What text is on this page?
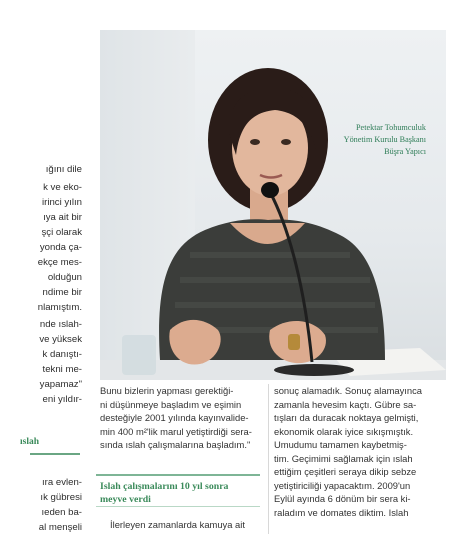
ığını dile
k ve eko-
irinci yılın
ıya ait bir
şçi olarak
yonda ça-
ekçe mes-
olduğun
ndime bir
nlamıştım.
nde ıslah-
ve yüksek
k danıştı-
tekni me-
yapamaz"
eni yıldır-
ıslah
ıra evlen-
ık gübresi
ıeden ba-
al menşeli
Petektar Tohumculuk
Yönetim Kurulu Başkanı
Büşra Yapıcı
Bunu bizlerin yapması gerektiği-
ni düşünmeye başladım ve eşimin
desteğiyle 2001 yılında kayınvalide-
min 400 m²'lik marul yetiştirdiği sera-
sında ıslah çalışmalarına başladım."
Islah çalışmalarını 10 yıl sonra
meyve verdi
İlerleyen zamanlarda kamuya ait
sonuç alamadık. Sonuç alamayınca
zamanla hevesim kaçtı. Gübre sa-
tışları da duracak noktaya gelmişti,
ekonomik olarak iyice sıkışmıştık.
Umudumu tamamen kaybetmiş-
tim. Geçimimi sağlamak için ıslah
ettiğim çeşitleri seraya dikip sebze
yetiştiriciliği yapacaktım. 2009'un
Eylül ayında 6 dönüm bir sera ki-
raladım ve domates diktim. Islah
